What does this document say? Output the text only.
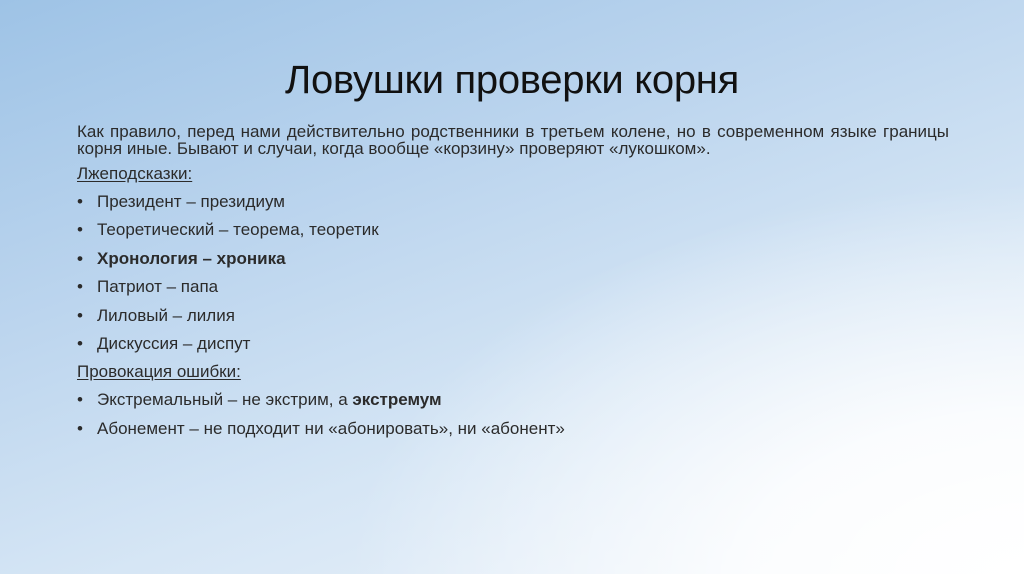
Ловушки проверки корня

Как правило, перед нами действительно родственники в третьем колене, но в современном языке границы корня иные. Бывают и случаи, когда вообще «корзину» проверяют «лукошком».

Лжеподсказки:
• Президент – президиум
• Теоретический – теорема, теоретик
• Хронология – хроника
• Патриот – папа
• Лиловый – лилия
• Дискуссия – диспут
Провокация ошибки:
• Экстремальный – не экстрим, а экстремум
• Абонемент – не подходит ни «абонировать», ни «абонент»
